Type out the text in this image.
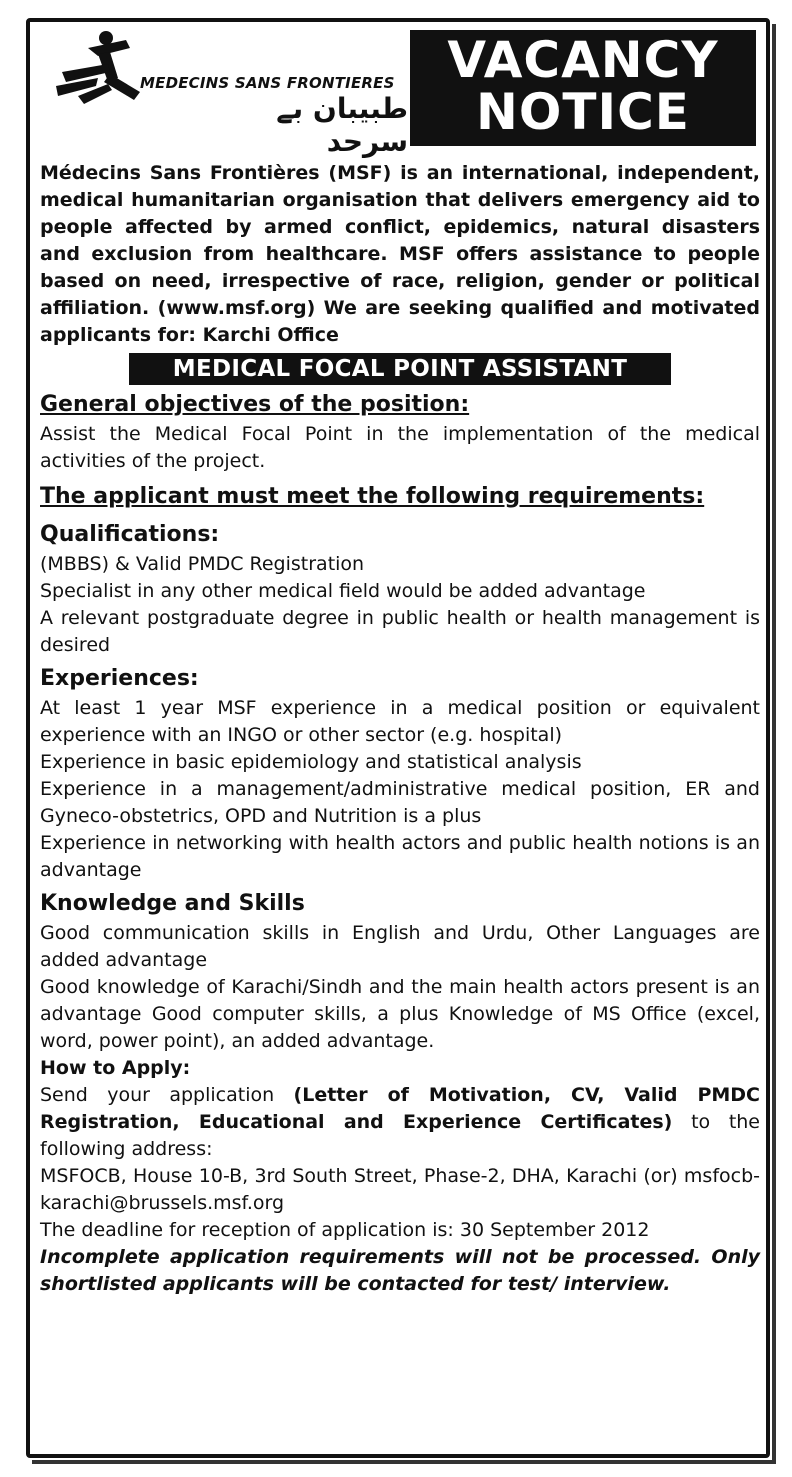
MEDECINS SANS FRONTIERES
طبیبان بے سرحد
VACANCY
NOTICE

Médecins Sans Frontières (MSF) is an international, independent, medical humanitarian organisation that delivers emergency aid to people affected by armed conflict, epidemics, natural disasters and exclusion from healthcare. MSF offers assistance to people based on need, irrespective of race, religion, gender or political affiliation. (www.msf.org) We are seeking qualified and motivated applicants for: Karchi Office

MEDICAL FOCAL POINT ASSISTANT
General objectives of the position:

Assist the Medical Focal Point in the implementation of the medical activities of the project.

The applicant must meet the following requirements:
Qualifications:

(MBBS) & Valid PMDC Registration

Specialist in any other medical field would be added advantage

A relevant postgraduate degree in public health or health management is desired

Experiences:

At least 1 year MSF experience in a medical position or equivalent experience with an INGO or other sector (e.g. hospital)

Experience in basic epidemiology and statistical analysis

Experience in a management/administrative medical position, ER and Gyneco-obstetrics, OPD and Nutrition is a plus

Experience in networking with health actors and public health notions is an advantage

Knowledge and Skills

Good communication skills in English and Urdu, Other Languages are added advantage

Good knowledge of Karachi/Sindh and the main health actors present is an advantage Good computer skills, a plus Knowledge of MS Office (excel, word, power point), an added advantage.

How to Apply:

Send your application (Letter of Motivation, CV, Valid PMDC Registration, Educational and Experience Certificates) to the following address:

MSFOCB, House 10-B, 3rd South Street, Phase-2, DHA, Karachi (or) msfocb-karachi@brussels.msf.org

The deadline for reception of application is: 30 September 2012

Incomplete application requirements will not be processed. Only shortlisted applicants will be contacted for test/ interview.
